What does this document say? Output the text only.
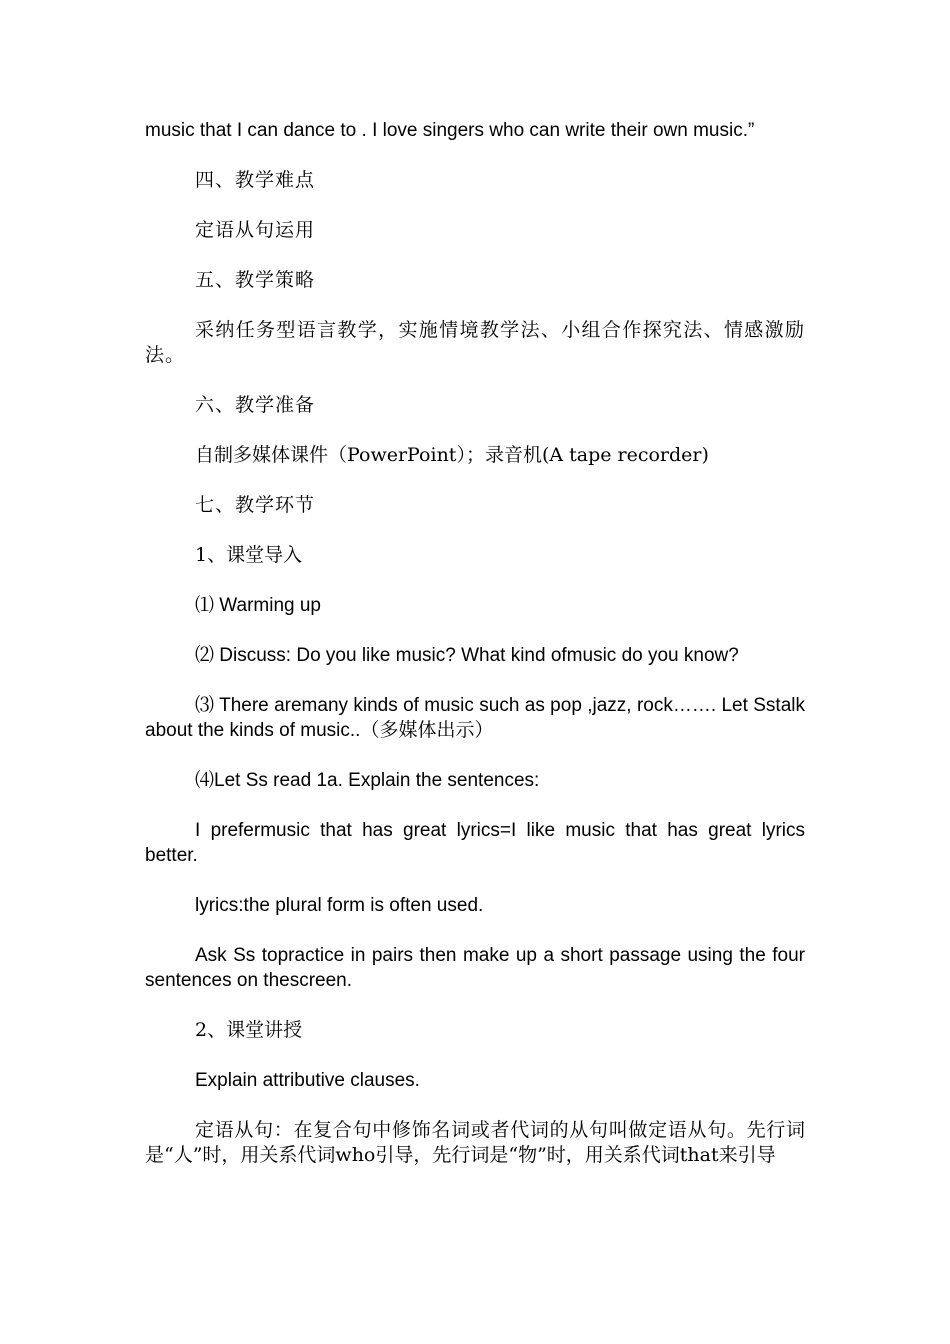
music that I can dance to . I love singers who can write their own music.”

四、教学难点

定语从句运用

五、教学策略

采纳任务型语言教学，实施情境教学法、小组合作探究法、情感激励法。

六、教学准备

自制多媒体课件（PowerPoint）；录音机(A tape recorder)

七、教学环节

1、课堂导入

⑴ Warming up

⑵ Discuss: Do you like music? What kind ofmusic do you know?

⑶ There aremany kinds of music such as pop ,jazz, rock……. Let Sstalk about the kinds of music..（多媒体出示）

⑷Let Ss read 1a. Explain the sentences:

I prefermusic that has great lyrics=I like music that has great lyrics better.

lyrics:the plural form is often used.

Ask Ss topractice in pairs then make up a short passage using the four sentences on thescreen.

2、课堂讲授

Explain attributive clauses.

定语从句：在复合句中修饰名词或者代词的从句叫做定语从句。先行词是“人”时，用关系代词who引导，先行词是“物”时，用关系代词that来引导
